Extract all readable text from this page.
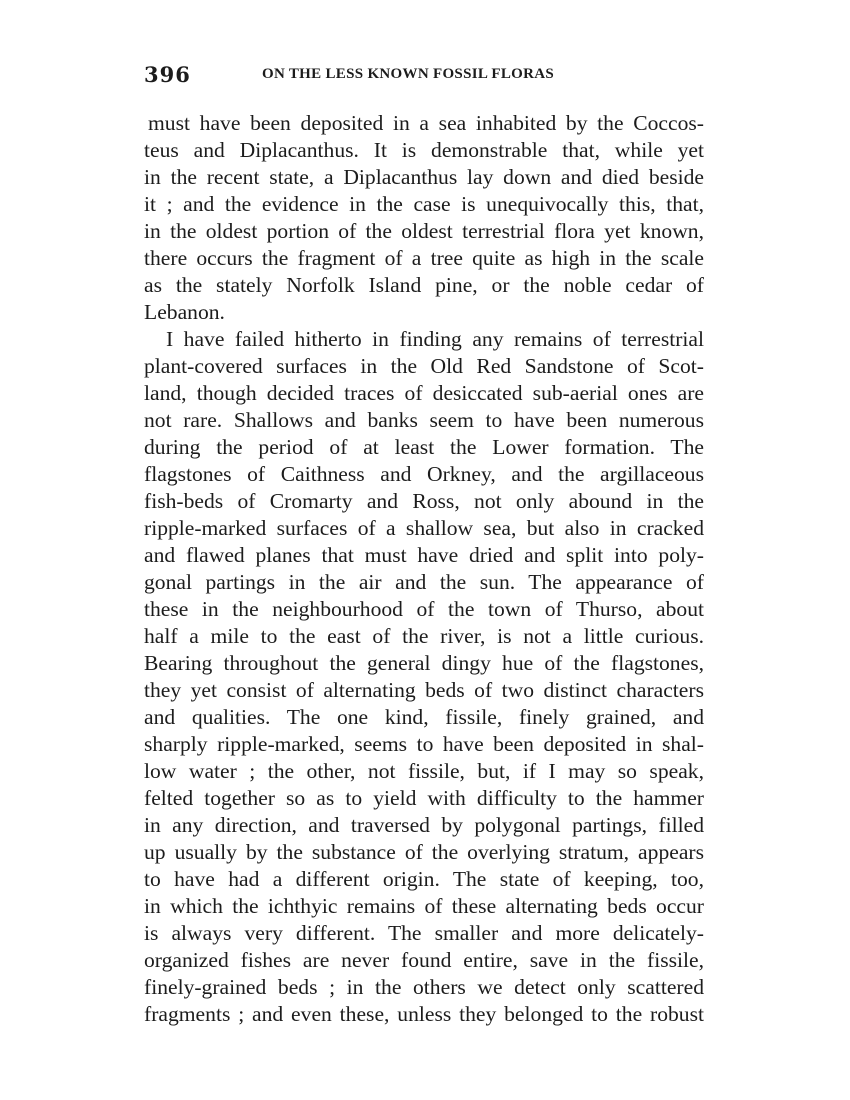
396	ON THE LESS KNOWN FOSSIL FLORAS
must have been deposited in a sea inhabited by the Coccos-
teus and Diplacanthus. It is demonstrable that, while yet
in the recent state, a Diplacanthus lay down and died beside
it ; and the evidence in the case is unequivocally this, that,
in the oldest portion of the oldest terrestrial flora yet known,
there occurs the fragment of a tree quite as high in the scale
as the stately Norfolk Island pine, or the noble cedar of
Lebanon.
I have failed hitherto in finding any remains of terrestrial
plant-covered surfaces in the Old Red Sandstone of Scot-
land, though decided traces of desiccated sub-aerial ones are
not rare. Shallows and banks seem to have been numerous
during the period of at least the Lower formation. The
flagstones of Caithness and Orkney, and the argillaceous
fish-beds of Cromarty and Ross, not only abound in the
ripple-marked surfaces of a shallow sea, but also in cracked
and flawed planes that must have dried and split into poly-
gonal partings in the air and the sun. The appearance of
these in the neighbourhood of the town of Thurso, about
half a mile to the east of the river, is not a little curious.
Bearing throughout the general dingy hue of the flagstones,
they yet consist of alternating beds of two distinct characters
and qualities. The one kind, fissile, finely grained, and
sharply ripple-marked, seems to have been deposited in shal-
low water ; the other, not fissile, but, if I may so speak,
felted together so as to yield with difficulty to the hammer
in any direction, and traversed by polygonal partings, filled
up usually by the substance of the overlying stratum, appears
to have had a different origin. The state of keeping, too,
in which the ichthyic remains of these alternating beds occur
is always very different. The smaller and more delicately-
organized fishes are never found entire, save in the fissile,
finely-grained beds ; in the others we detect only scattered
fragments ; and even these, unless they belonged to the robust
